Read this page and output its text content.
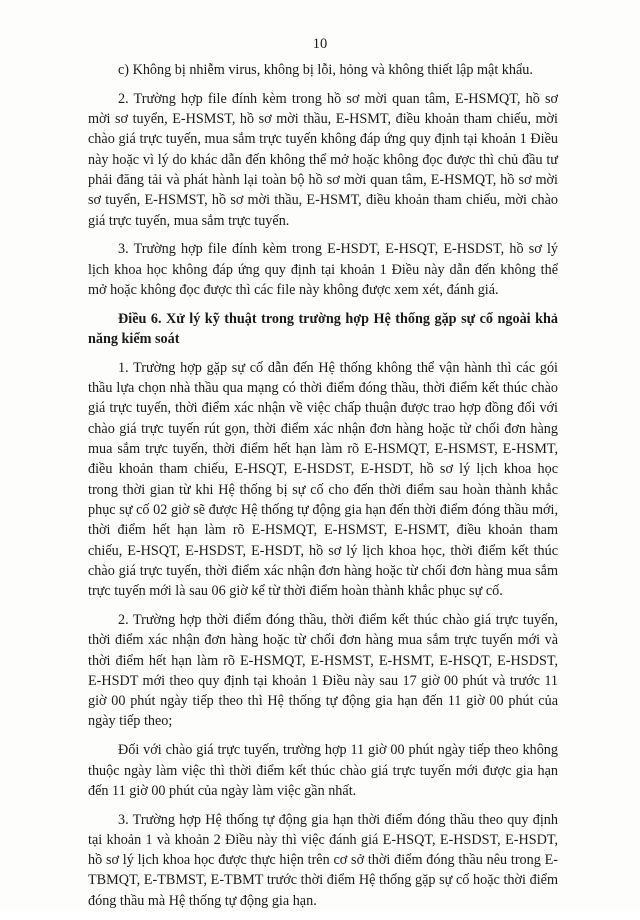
10

c) Không bị nhiễm virus, không bị lỗi, hỏng và không thiết lập mật khẩu.

2. Trường hợp file đính kèm trong hồ sơ mời quan tâm, E-HSMQT, hồ sơ mời sơ tuyển, E-HSMST, hồ sơ mời thầu, E-HSMT, điều khoản tham chiếu, mời chào giá trực tuyến, mua sắm trực tuyến không đáp ứng quy định tại khoản 1 Điều này hoặc vì lý do khác dẫn đến không thể mở hoặc không đọc được thì chủ đầu tư phải đăng tải và phát hành lại toàn bộ hồ sơ mời quan tâm, E-HSMQT, hồ sơ mời sơ tuyển, E-HSMST, hồ sơ mời thầu, E-HSMT, điều khoản tham chiếu, mời chào giá trực tuyến, mua sắm trực tuyến.

3. Trường hợp file đính kèm trong E-HSDT, E-HSQT, E-HSDST, hồ sơ lý lịch khoa học không đáp ứng quy định tại khoản 1 Điều này dẫn đến không thể mở hoặc không đọc được thì các file này không được xem xét, đánh giá.

Điều 6. Xử lý kỹ thuật trong trường hợp Hệ thống gặp sự cố ngoài khả năng kiểm soát

1. Trường hợp gặp sự cố dẫn đến Hệ thống không thể vận hành thì các gói thầu lựa chọn nhà thầu qua mạng có thời điểm đóng thầu, thời điểm kết thúc chào giá trực tuyến, thời điểm xác nhận về việc chấp thuận được trao hợp đồng đối với chào giá trực tuyến rút gọn, thời điểm xác nhận đơn hàng hoặc từ chối đơn hàng mua sắm trực tuyến, thời điểm hết hạn làm rõ E-HSMQT, E-HSMST, E-HSMT, điều khoản tham chiếu, E-HSQT, E-HSDST, E-HSDT, hồ sơ lý lịch khoa học trong thời gian từ khi Hệ thống bị sự cố cho đến thời điểm sau hoàn thành khắc phục sự cố 02 giờ sẽ được Hệ thống tự động gia hạn đến thời điểm đóng thầu mới, thời điểm hết hạn làm rõ E-HSMQT, E-HSMST, E-HSMT, điều khoản tham chiếu, E-HSQT, E-HSDST, E-HSDT, hồ sơ lý lịch khoa học, thời điểm kết thúc chào giá trực tuyến, thời điểm xác nhận đơn hàng hoặc từ chối đơn hàng mua sắm trực tuyến mới là sau 06 giờ kể từ thời điểm hoàn thành khắc phục sự cố.

2. Trường hợp thời điểm đóng thầu, thời điểm kết thúc chào giá trực tuyến, thời điểm xác nhận đơn hàng hoặc từ chối đơn hàng mua sắm trực tuyến mới và thời điểm hết hạn làm rõ E-HSMQT, E-HSMST, E-HSMT, E-HSQT, E-HSDST, E-HSDT mới theo quy định tại khoản 1 Điều này sau 17 giờ 00 phút và trước 11 giờ 00 phút ngày tiếp theo thì Hệ thống tự động gia hạn đến 11 giờ 00 phút của ngày tiếp theo;

Đối với chào giá trực tuyến, trường hợp 11 giờ 00 phút ngày tiếp theo không thuộc ngày làm việc thì thời điểm kết thúc chào giá trực tuyến mới được gia hạn đến 11 giờ 00 phút của ngày làm việc gần nhất.

3. Trường hợp Hệ thống tự động gia hạn thời điểm đóng thầu theo quy định tại khoản 1 và khoản 2 Điều này thì việc đánh giá E-HSQT, E-HSDST, E-HSDT, hồ sơ lý lịch khoa học được thực hiện trên cơ sở thời điểm đóng thầu nêu trong E-TBMQT, E-TBMST, E-TBMT trước thời điểm Hệ thống gặp sự cố hoặc thời điểm đóng thầu mà Hệ thống tự động gia hạn.
